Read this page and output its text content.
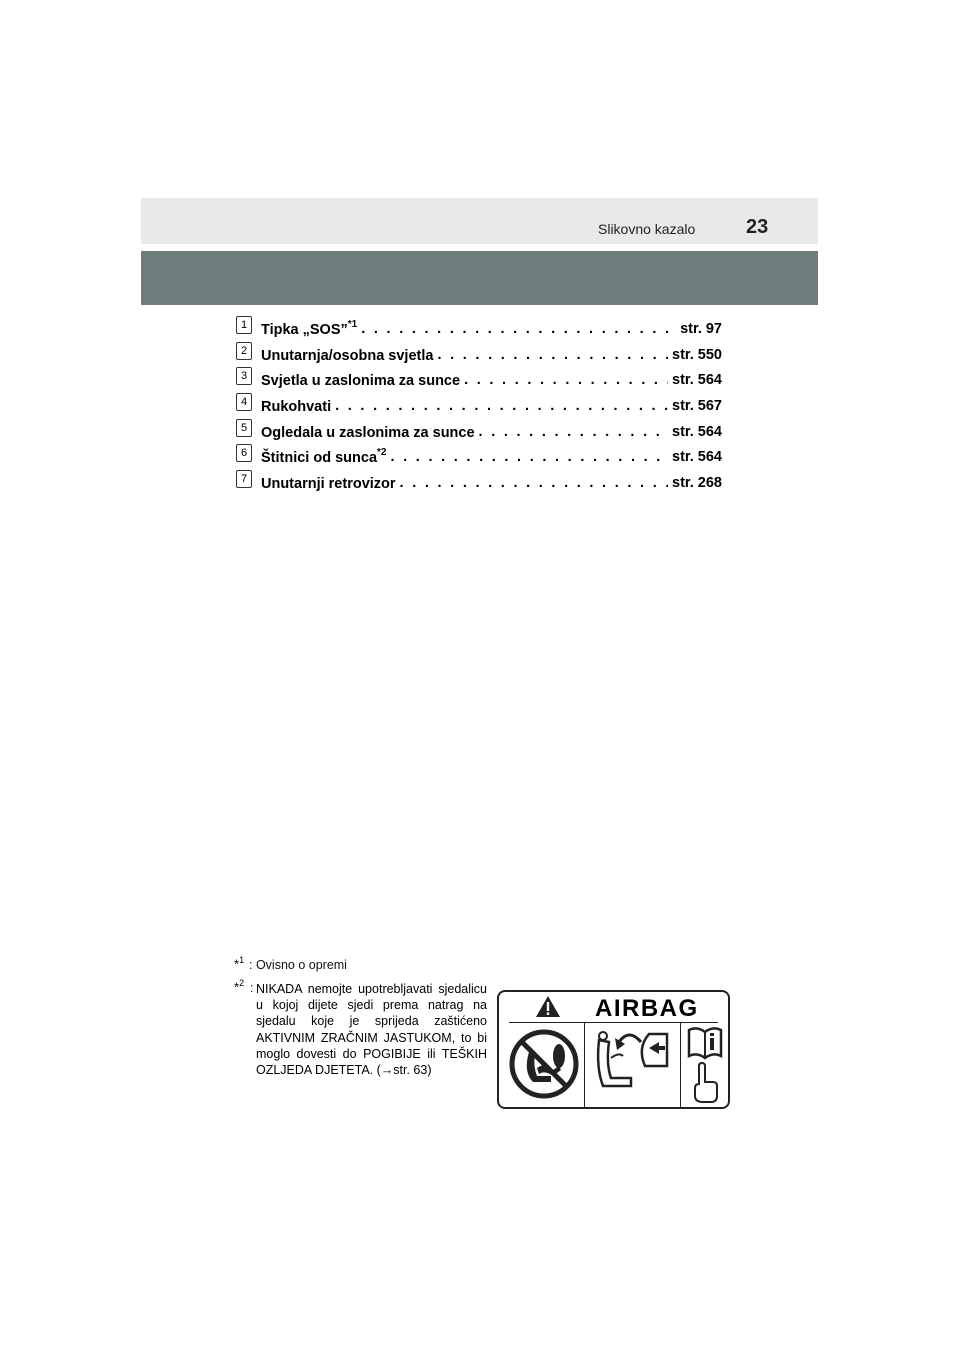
Slikovno kazalo	23
1 Tipka „SOS”$^{*1}$ . . .	str. 97
2 Unutarnja/osobna svjetla . . .	str. 550
3 Svjetla u zaslonima za sunce . . .	str. 564
4 Rukohvati . . .	str. 567
5 Ogledala u zaslonima za sunce . . .	str. 564
6 Štitnici od sunca$^{*2}$ . . .	str. 564
7 Unutarnji retrovizor . . .	str. 268
*$^1$ : Ovisno o opremi
*$^2$ : NIKADA nemojte upotrebljavati sjedalicu u kojoj dijete sjedi prema natrag na sjedalu koje je sprijeda zaštićeno AKTIVNIM ZRAČNIM JASTUKOM, to bi moglo dovesti do POGIBIJE ili TEŠKIH OZLJEDA DJETETA. (→str. 63)
AIRBAG
